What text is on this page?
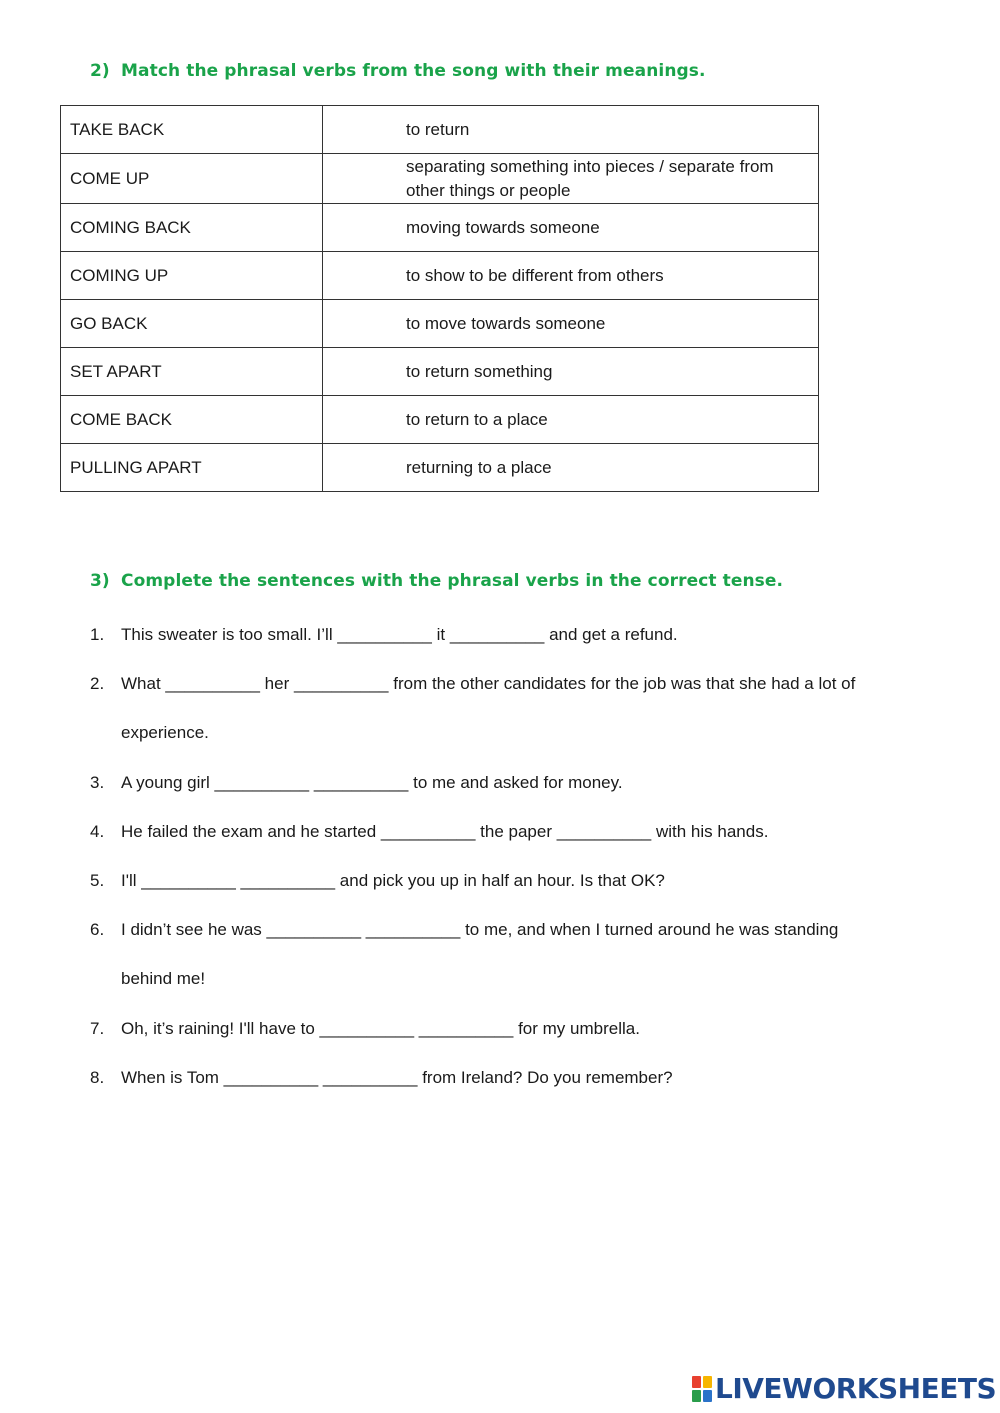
2) Match the phrasal verbs from the song with their meanings.
TAKE BACK	to return
COME UP	separating something into pieces / separate from other things or people
COMING BACK	moving towards someone
COMING UP	to show to be different from others
GO BACK	to move towards someone
SET APART	to return something
COME BACK	to return to a place
PULLING APART	returning to a place
3) Complete the sentences with the phrasal verbs in the correct tense.
1. This sweater is too small. I’ll __________ it __________ and get a refund.
2. What __________ her __________ from the other candidates for the job was that she had a lot of
experience.
3. A young girl __________ __________ to me and asked for money.
4. He failed the exam and he started __________ the paper __________ with his hands.
5. I'll __________ __________ and pick you up in half an hour. Is that OK?
6. I didn’t see he was __________ __________ to me, and when I turned around he was standing
behind me!
7. Oh, it’s raining! I'll have to __________ __________ for my umbrella.
8. When is Tom __________ __________ from Ireland? Do you remember?
LIVEWORKSHEETS
